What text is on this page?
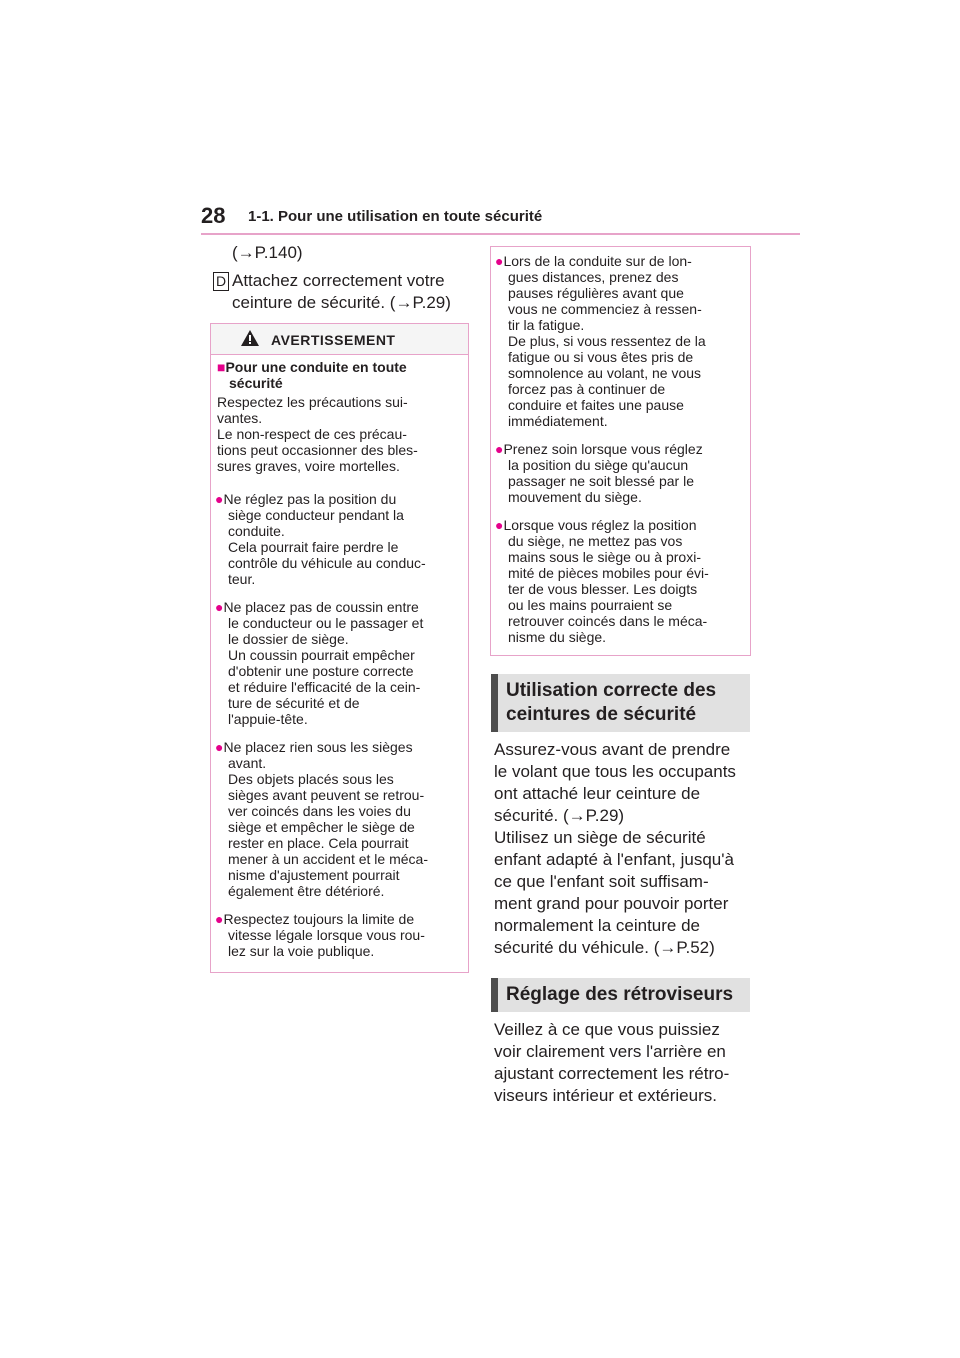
28 1-1. Pour une utilisation en toute sécurité
(→P.140)
D Attachez correctement votre
ceinture de sécurité. (→P.29)
AVERTISSEMENT
■Pour une conduite en toute
sécurité
Respectez les précautions sui-
vantes.
Le non-respect de ces précau-
tions peut occasionner des bles-
sures graves, voire mortelles.
●Ne réglez pas la position du
siège conducteur pendant la
conduite.
Cela pourrait faire perdre le
contrôle du véhicule au conduc-
teur.
●Ne placez pas de coussin entre
le conducteur ou le passager et
le dossier de siège.
Un coussin pourrait empêcher
d'obtenir une posture correcte
et réduire l'efficacité de la cein-
ture de sécurité et de
l'appuie-tête.
●Ne placez rien sous les sièges
avant.
Des objets placés sous les
sièges avant peuvent se retrou-
ver coincés dans les voies du
siège et empêcher le siège de
rester en place. Cela pourrait
mener à un accident et le méca-
nisme d'ajustement pourrait
également être détérioré.
●Respectez toujours la limite de
vitesse légale lorsque vous rou-
lez sur la voie publique.
●Lors de la conduite sur de lon-
gues distances, prenez des
pauses régulières avant que
vous ne commenciez à ressen-
tir la fatigue.
De plus, si vous ressentez de la
fatigue ou si vous êtes pris de
somnolence au volant, ne vous
forcez pas à continuer de
conduire et faites une pause
immédiatement.
●Prenez soin lorsque vous réglez
la position du siège qu'aucun
passager ne soit blessé par le
mouvement du siège.
●Lorsque vous réglez la position
du siège, ne mettez pas vos
mains sous le siège ou à proxi-
mité de pièces mobiles pour évi-
ter de vous blesser. Les doigts
ou les mains pourraient se
retrouver coincés dans le méca-
nisme du siège.
Utilisation correcte des
ceintures de sécurité
Assurez-vous avant de prendre
le volant que tous les occupants
ont attaché leur ceinture de
sécurité. (→P.29)
Utilisez un siège de sécurité
enfant adapté à l'enfant, jusqu'à
ce que l'enfant soit suffisam-
ment grand pour pouvoir porter
normalement la ceinture de
sécurité du véhicule. (→P.52)
Réglage des rétroviseurs
Veillez à ce que vous puissiez
voir clairement vers l'arrière en
ajustant correctement les rétro-
viseurs intérieur et extérieurs.
